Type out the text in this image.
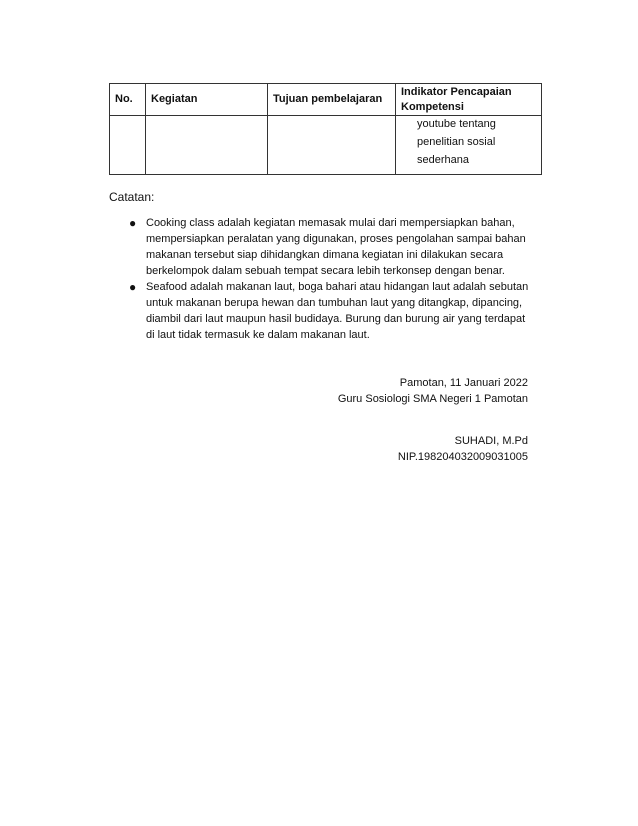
No.	Kegiatan	Tujuan pembelajaran	Indikator Pencapaian
Kompetensi

			youtube tentang
penelitian sosial
sederhana
Catatan:
● Cooking class adalah kegiatan memasak mulai dari mempersiapkan bahan,
mempersiapkan peralatan yang digunakan, proses pengolahan sampai bahan
makanan tersebut siap dihidangkan dimana kegiatan ini dilakukan secara
berkelompok dalam sebuah tempat secara lebih terkonsep dengan benar.
● Seafood adalah makanan laut, boga bahari atau hidangan laut adalah sebutan
untuk makanan berupa hewan dan tumbuhan laut yang ditangkap, dipancing,
diambil dari laut maupun hasil budidaya. Burung dan burung air yang terdapat
di laut tidak termasuk ke dalam makanan laut.
Pamotan, 11 Januari 2022
Guru Sosiologi SMA Negeri 1 Pamotan
SUHADI, M.Pd
NIP.198204032009031005
